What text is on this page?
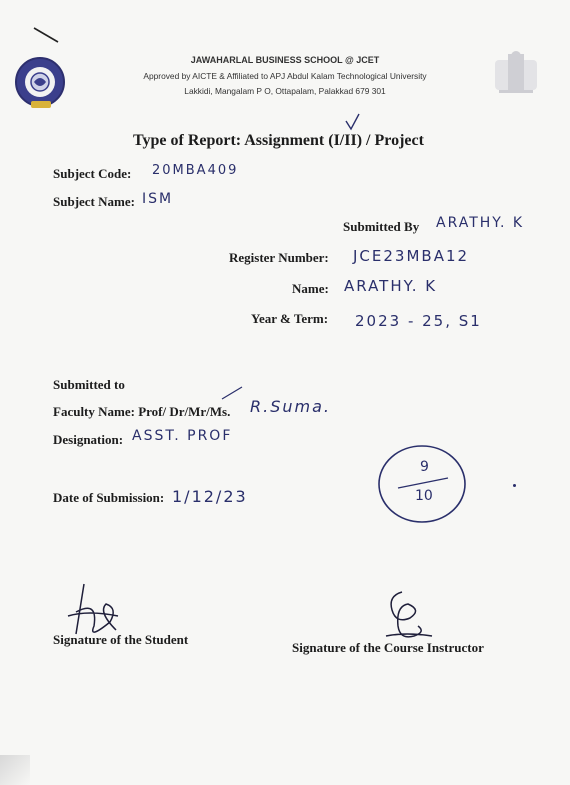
JAWAHARLAL BUSINESS SCHOOL @ JCET
Approved by AICTE & Affiliated to APJ Abdul Kalam Technological University
Lakkidi, Mangalam P O, Ottapalam, Palakkad 679 301
Type of Report: Assignment (I/II) / Project
Subject Code: 20MBA409
Subject Name: ISM
Submitted By ARATHY. K
Register Number: JCE23MBA12
Name: ARATHY. K
Year & Term: 2023 - 25, S1
Submitted to
Faculty Name: Prof/ Dr/Mr/Ms. R.Suma.
Designation: ASST. PROF
9
10
Date of Submission: 1/12/23
Signature of the Student
Signature of the Course Instructor
